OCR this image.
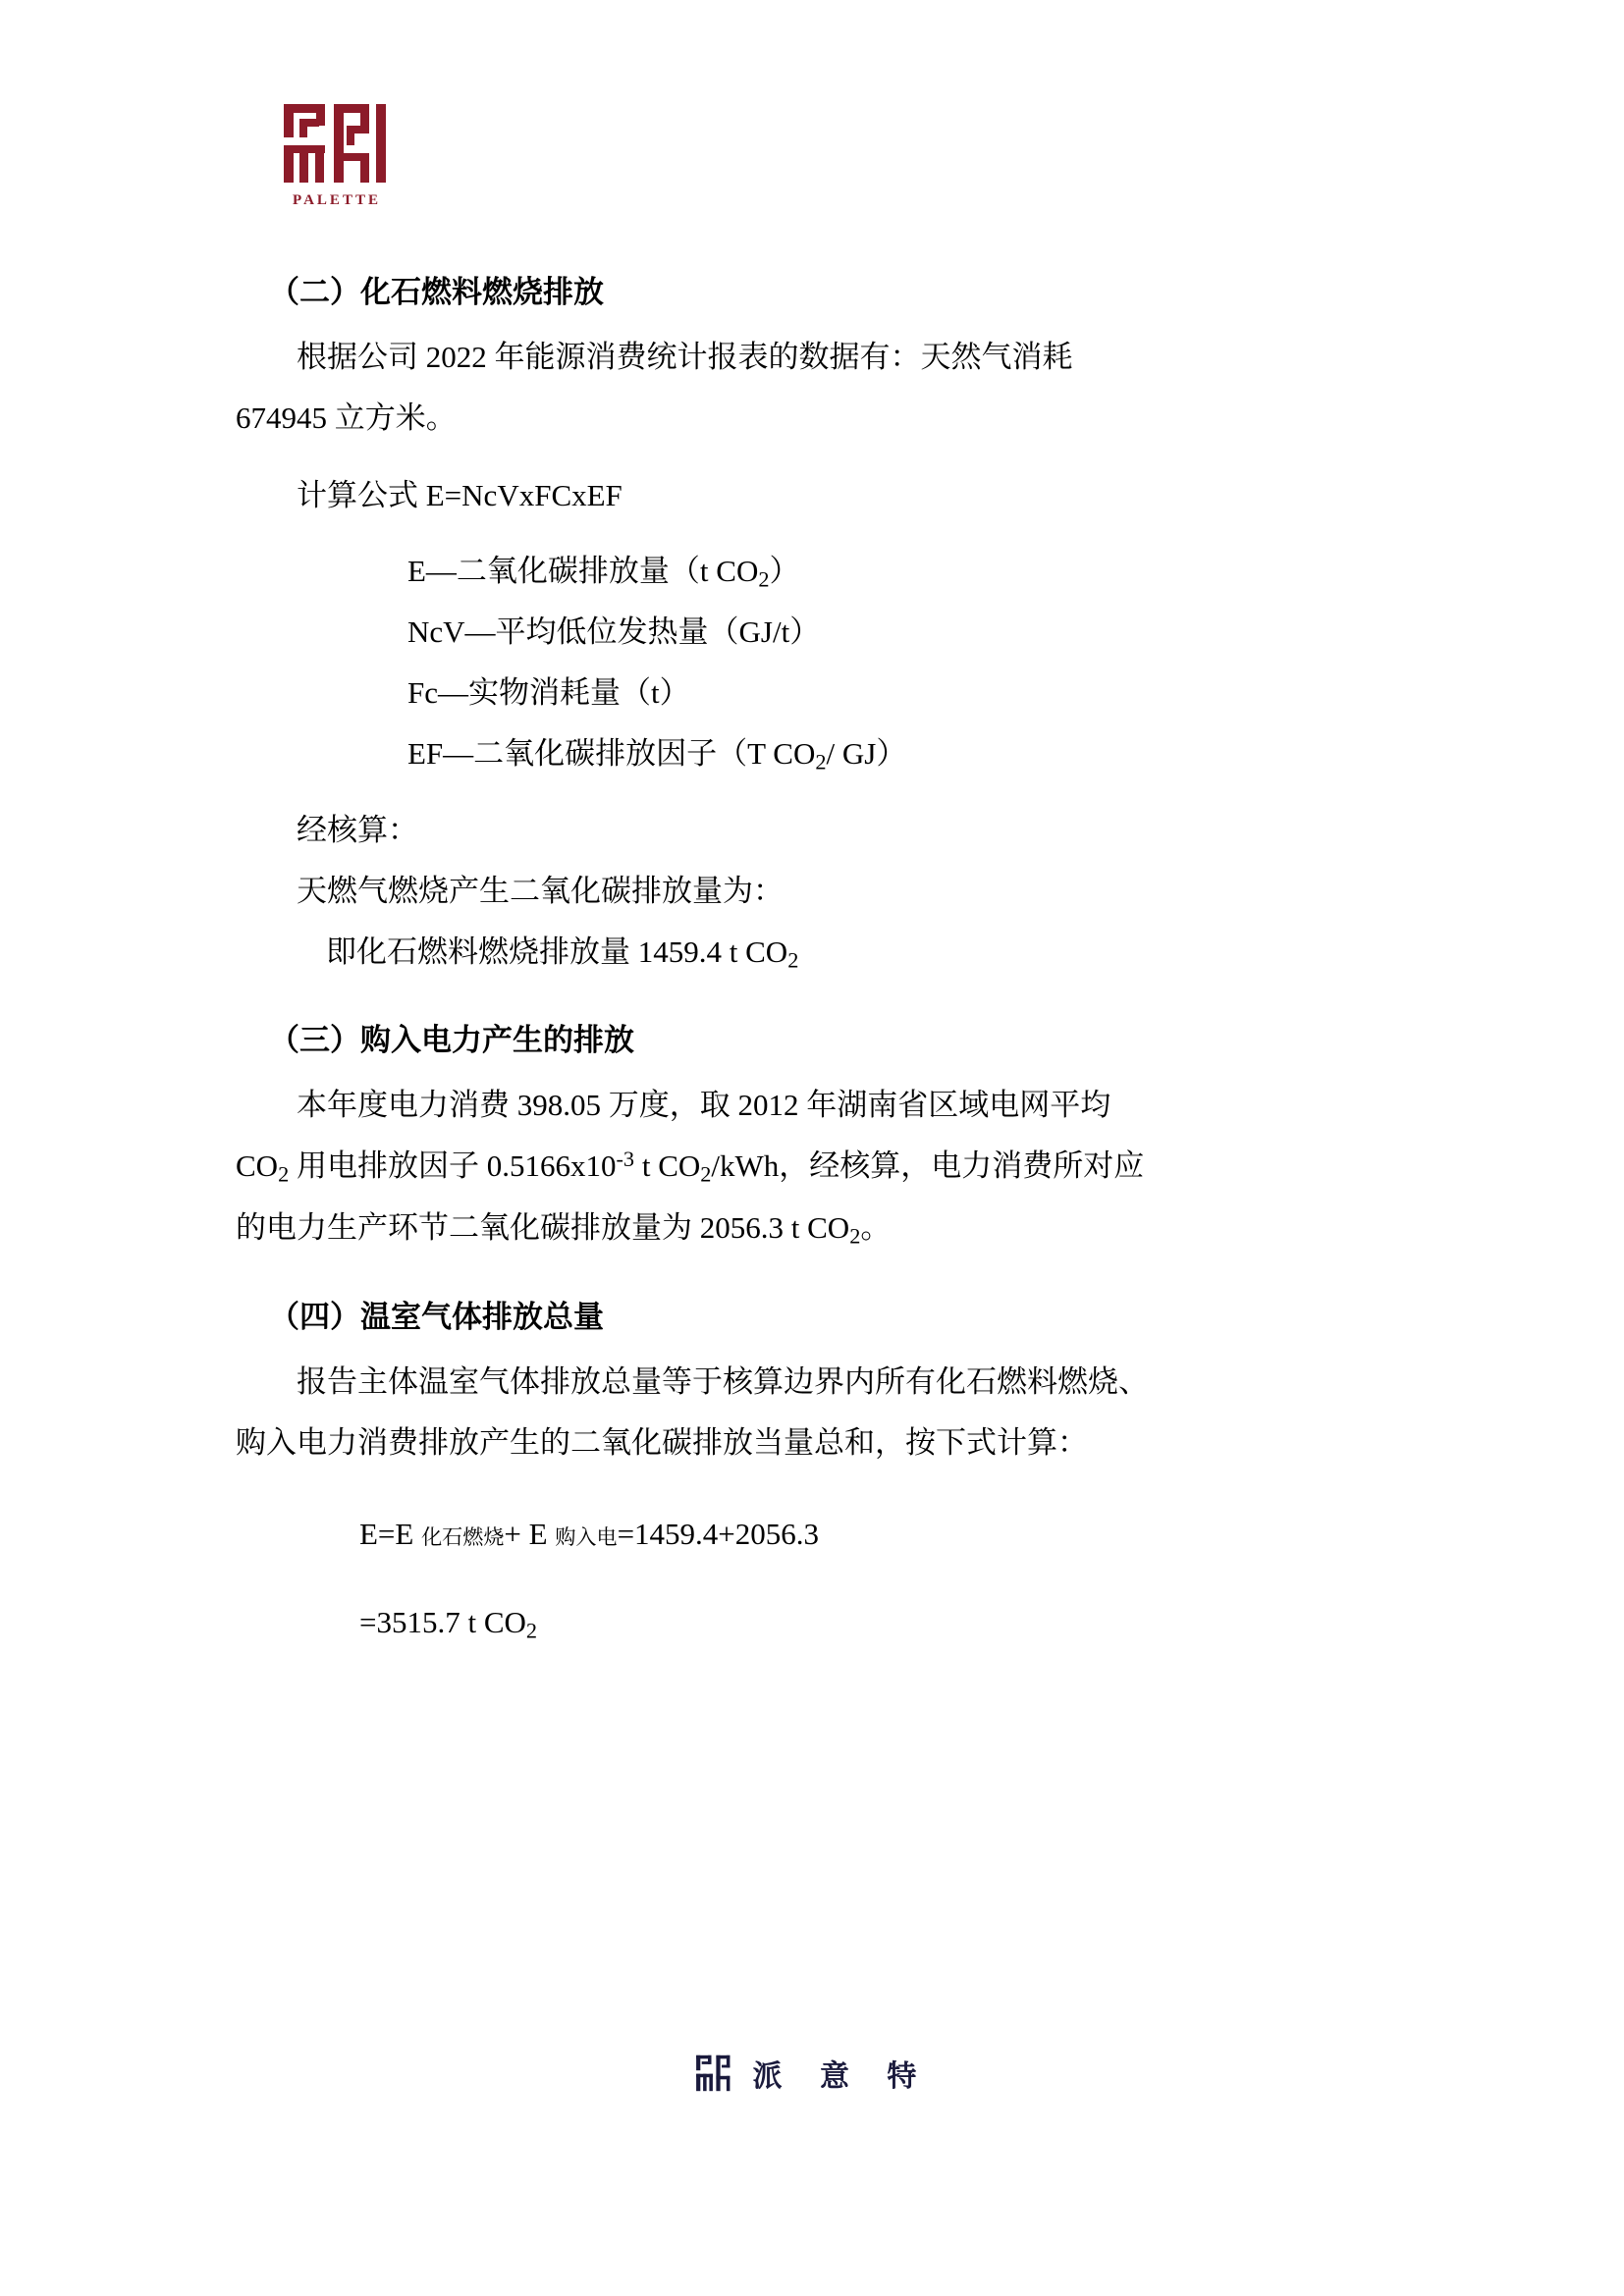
PALETTE

（二）化石燃料燃烧排放

根据公司 2022 年能源消费统计报表的数据有：天然气消耗

674945 立方米。

计算公式 E=NcVxFCxEF

E—二氧化碳排放量（t $CO_2$）

NcV—平均低位发热量（GJ/t）

Fc—实物消耗量（t）

EF—二氧化碳排放因子（T $CO_2/$ GJ）

经核算：

天燃气燃烧产生二氧化碳排放量为：

即化石燃料燃烧排放量 1459.4 t $CO_2$

（三）购入电力产生的排放

本年度电力消费 398.05 万度，取 2012 年湖南省区域电网平均

$CO_2$ 用电排放因子 $0.5166x10^{-3}$ t $CO_2$/kWh，经核算，电力消费所对应

的电力生产环节二氧化碳排放量为 2056.3 t $CO_2$。

（四）温室气体排放总量

报告主体温室气体排放总量等于核算边界内所有化石燃料燃烧、

购入电力消费排放产生的二氧化碳排放当量总和，按下式计算：

E=E 化石燃烧+ E 购入电=1459.4+2056.3

=3515.7 t $CO_2$

派 意 特
